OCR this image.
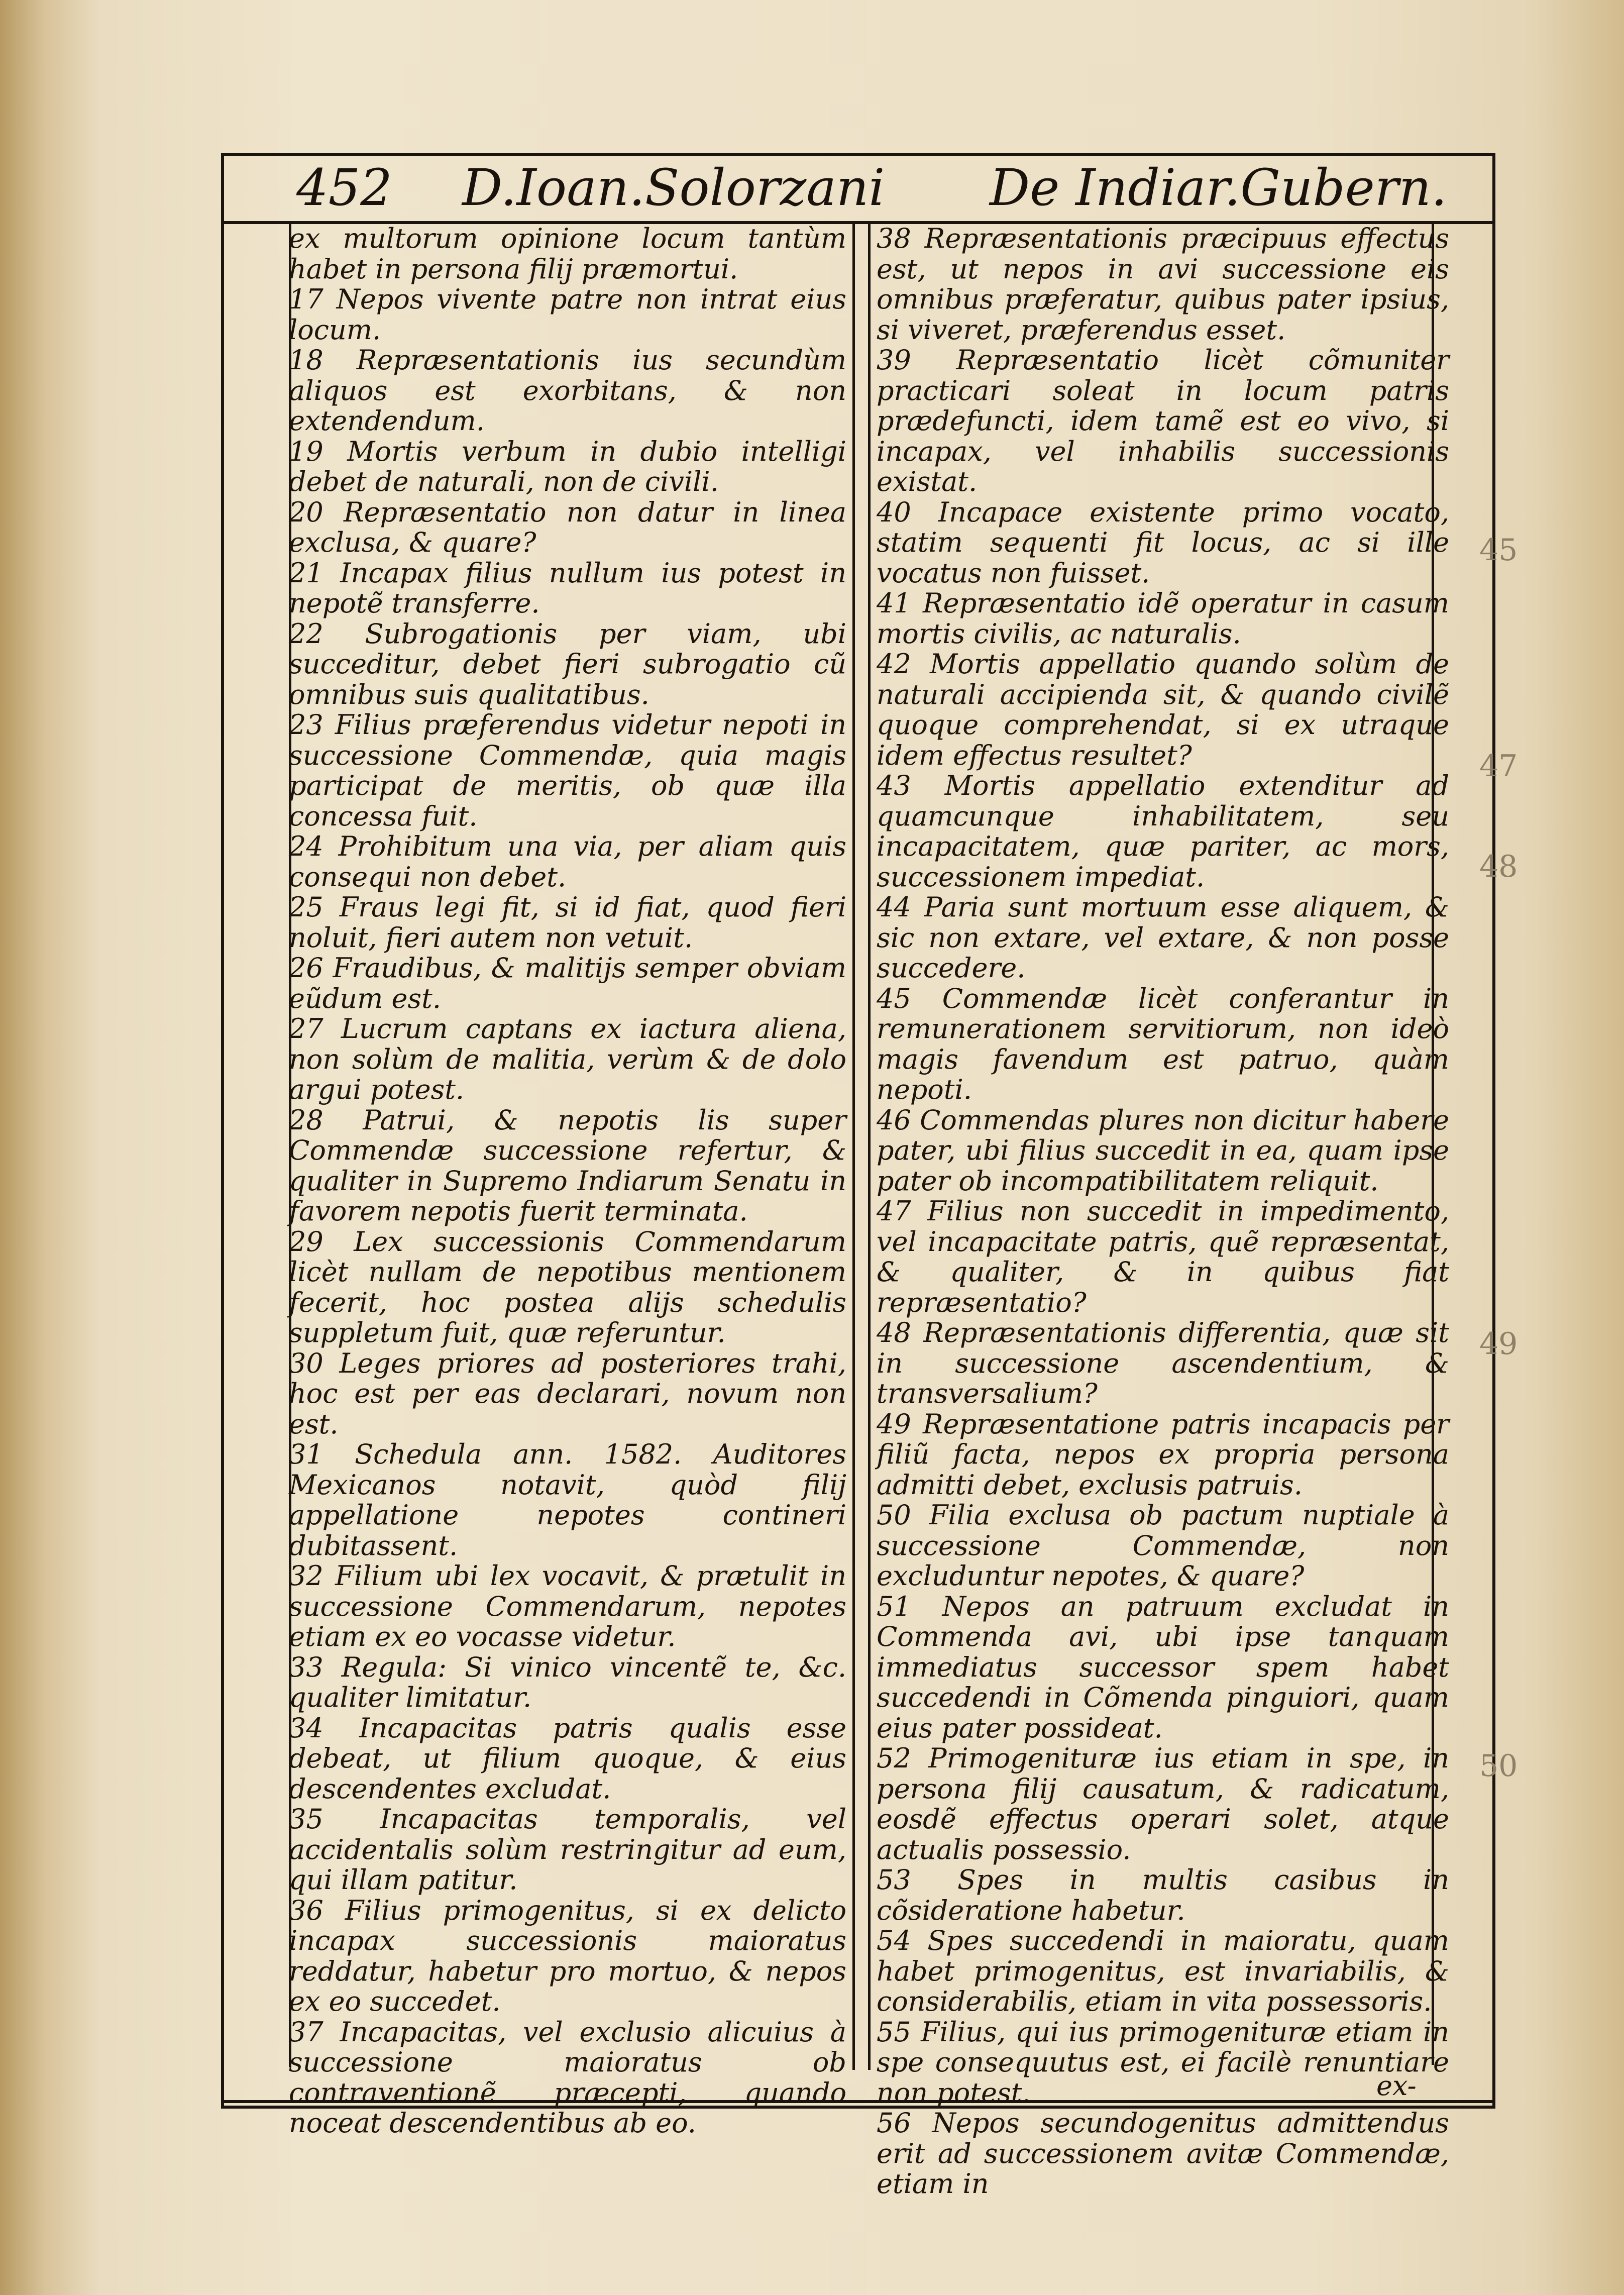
452 D.Ioan.Solorzani De Indiar.Gubern.

ex multorum opinione locum tantùm habet in persona filij præmortui.

17 Nepos vivente patre non intrat eius locum.

18 Repræsentationis ius secundùm aliquos est exorbitans, & non extendendum.

19 Mortis verbum in dubio intelligi debet de naturali, non de civili.

20 Repræsentatio non datur in linea exclusa, & quare?

21 Incapax filius nullum ius potest in nepotẽ transferre.

22 Subrogationis per viam, ubi succeditur, debet fieri subrogatio cũ omnibus suis qualitatibus.

23 Filius præferendus videtur nepoti in successione Commendæ, quia magis participat de meritis, ob quæ illa concessa fuit.

24 Prohibitum una via, per aliam quis consequi non debet.

25 Fraus legi fit, si id fiat, quod fieri noluit, fieri autem non vetuit.

26 Fraudibus, & malitijs semper obviam eũdum est.

27 Lucrum captans ex iactura aliena, non solùm de malitia, verùm & de dolo argui potest.

28 Patrui, & nepotis lis super Commendæ successione refertur, & qualiter in Supremo Indiarum Senatu in favorem nepotis fuerit terminata.

29 Lex successionis Commendarum licèt nullam de nepotibus mentionem fecerit, hoc postea alijs schedulis suppletum fuit, quæ referuntur.

30 Leges priores ad posteriores trahi, hoc est per eas declarari, novum non est.

31 Schedula ann. 1582. Auditores Mexicanos notavit, quòd filij appellatione nepotes contineri dubitassent.

32 Filium ubi lex vocavit, & prætulit in successione Commendarum, nepotes etiam ex eo vocasse videtur.

33 Regula: Si vinico vincentẽ te, &c. qualiter limitatur.

34 Incapacitas patris qualis esse debeat, ut filium quoque, & eius descendentes excludat.

35 Incapacitas temporalis, vel accidentalis solùm restringitur ad eum, qui illam patitur.

36 Filius primogenitus, si ex delicto incapax successionis maioratus reddatur, habetur pro mortuo, & nepos ex eo succedet.

37 Incapacitas, vel exclusio alicuius à successione maioratus ob contraventionẽ præcepti, quando noceat descendentibus ab eo.

38 Repræsentationis præcipuus effectus est, ut nepos in avi successione eis omnibus præferatur, quibus pater ipsius, si viveret, præferendus esset.

39 Repræsentatio licèt cõmuniter practicari soleat in locum patris prædefuncti, idem tamẽ est eo vivo, si incapax, vel inhabilis successionis existat.

40 Incapace existente primo vocato, statim sequenti fit locus, ac si ille vocatus non fuisset.

41 Repræsentatio idẽ operatur in casum mortis civilis, ac naturalis.

42 Mortis appellatio quando solùm de naturali accipienda sit, & quando civilẽ quoque comprehendat, si ex utraque idem effectus resultet?

43 Mortis appellatio extenditur ad quamcunque inhabilitatem, seu incapacitatem, quæ pariter, ac mors, successionem impediat.

44 Paria sunt mortuum esse aliquem, & sic non extare, vel extare, & non posse succedere.

45 Commendæ licèt conferantur in remunerationem servitiorum, non ideò magis favendum est patruo, quàm nepoti.

46 Commendas plures non dicitur habere pater, ubi filius succedit in ea, quam ipse pater ob incompatibilitatem reliquit.

47 Filius non succedit in impedimento, vel incapacitate patris, quẽ repræsentat, & qualiter, & in quibus fiat repræsentatio?

48 Repræsentationis differentia, quæ sit in successione ascendentium, & transversalium?

49 Repræsentatione patris incapacis per filiũ facta, nepos ex propria persona admitti debet, exclusis patruis.

50 Filia exclusa ob pactum nuptiale à successione Commendæ, non excluduntur nepotes, & quare?

51 Nepos an patruum excludat in Commenda avi, ubi ipse tanquam immediatus successor spem habet succedendi in Cõmenda pinguiori, quam eius pater possideat.

52 Primogenituræ ius etiam in spe, in persona filij causatum, & radicatum, eosdẽ effectus operari solet, atque actualis possessio.

53 Spes in multis casibus in cõsideratione habetur.

54 Spes succedendi in maioratu, quam habet primogenitus, est invariabilis, & considerabilis, etiam in vita possessoris.

55 Filius, qui ius primogenituræ etiam in spe consequutus est, ei facilè renuntiare non potest.

56 Nepos secundogenitus admittendus erit ad successionem avitæ Commendæ, etiam in

ex-
45
47
48
49
50
